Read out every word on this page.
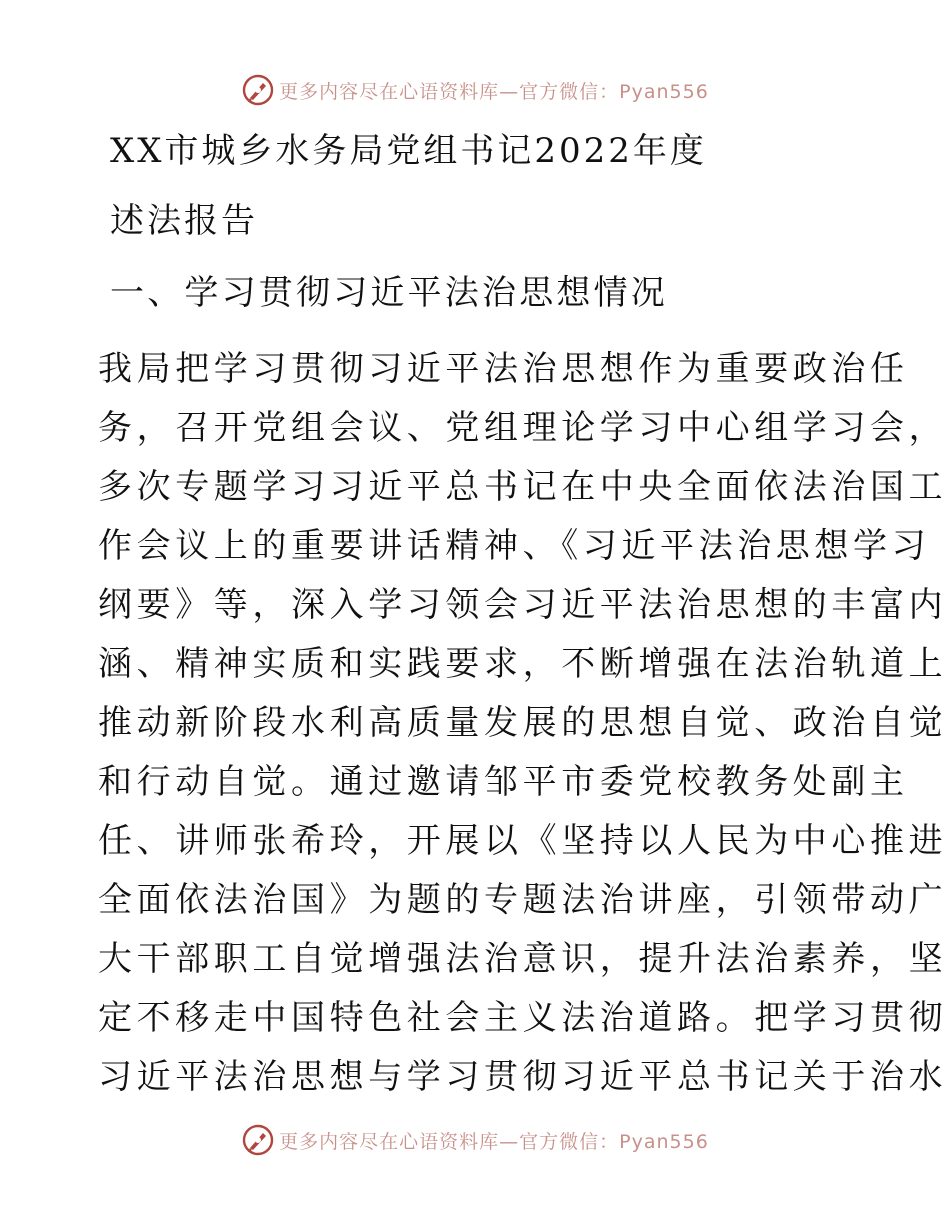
更多内容尽在心语资料库—官方微信：Pyan556
XX市城乡水务局党组书记2022年度
述法报告
一、学习贯彻习近平法治思想情况
我局把学习贯彻习近平法治思想作为重要政治任
务，召开党组会议、党组理论学习中心组学习会，
多次专题学习习近平总书记在中央全面依法治国工
作会议上的重要讲话精神、《习近平法治思想学习
纲要》等，深入学习领会习近平法治思想的丰富内
涵、精神实质和实践要求，不断增强在法治轨道上
推动新阶段水利高质量发展的思想自觉、政治自觉
和行动自觉。通过邀请邹平市委党校教务处副主
任、讲师张希玲，开展以《坚持以人民为中心推进
全面依法治国》为题的专题法治讲座，引领带动广
大干部职工自觉增强法治意识，提升法治素养，坚
定不移走中国特色社会主义法治道路。把学习贯彻
习近平法治思想与学习贯彻习近平总书记关于治水
更多内容尽在心语资料库—官方微信：Pyan556
